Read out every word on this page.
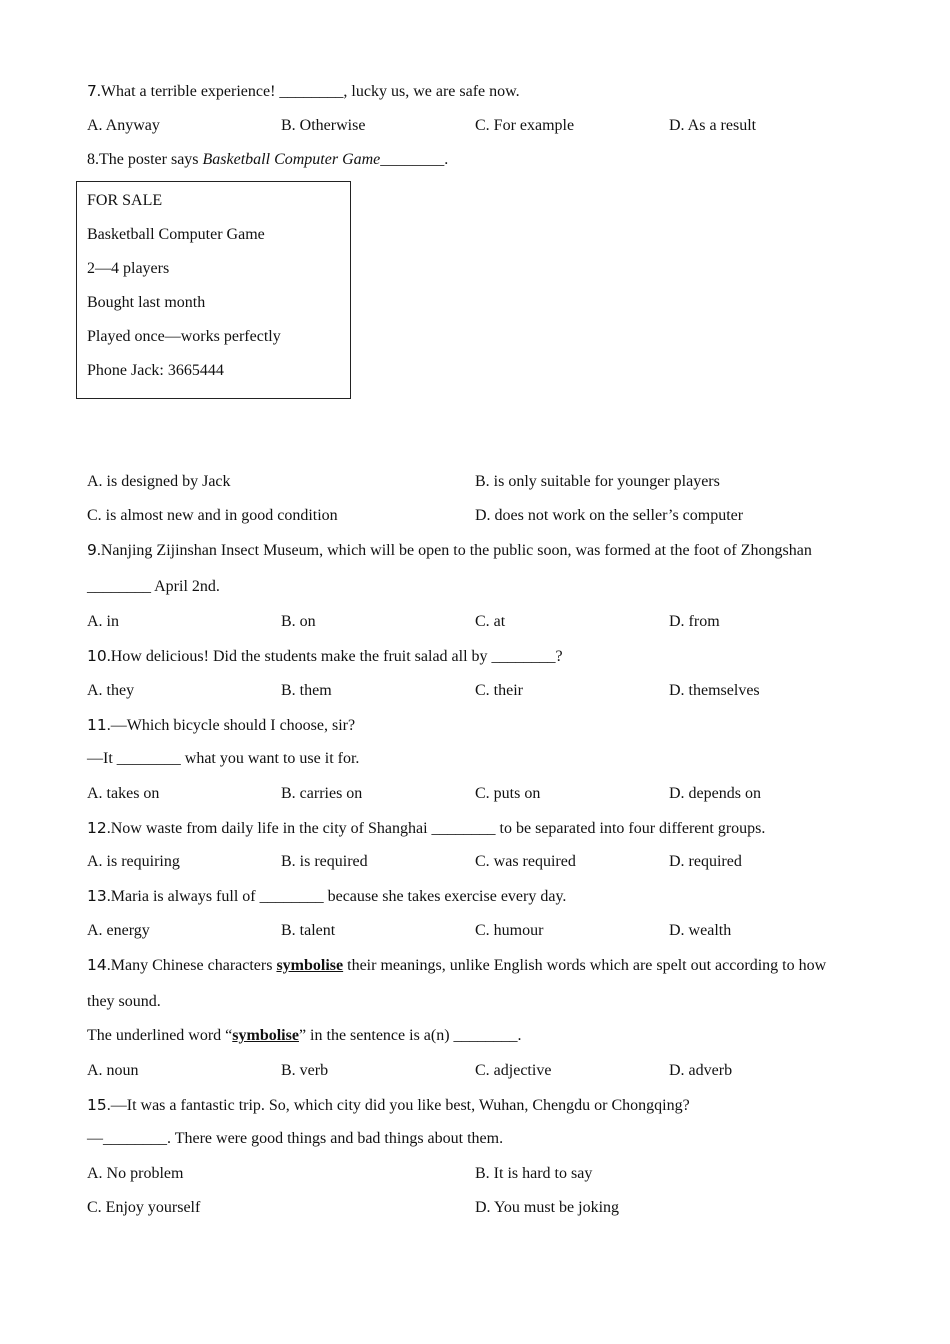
7.What a terrible experience! ________, lucky us, we are safe now.
A. Anyway	B. Otherwise	C. For example	D. As a result
8.The poster says Basketball Computer Game________.
FOR SALE
Basketball Computer Game
2—4 players
Bought last month
Played once—works perfectly
Phone Jack: 3665444
A. is designed by Jack	B. is only suitable for younger players
C. is almost new and in good condition	D. does not work on the seller’s computer
9.Nanjing Zijinshan Insect Museum, which will be open to the public soon, was formed at the foot of Zhongshan
________ April 2nd.
A. in	B. on	C. at	D. from
10.How delicious! Did the students make the fruit salad all by ________?
A. they	B. them	C. their	D. themselves
11.—Which bicycle should I choose, sir?
—It ________ what you want to use it for.
A. takes on	B. carries on	C. puts on	D. depends on
12.Now waste from daily life in the city of Shanghai ________ to be separated into four different groups.
A. is requiring	B. is required	C. was required	D. required
13.Maria is always full of ________ because she takes exercise every day.
A. energy	B. talent	C. humour	D. wealth
14.Many Chinese characters symbolise their meanings, unlike English words which are spelt out according to how
they sound.
The underlined word “symbolise” in the sentence is a(n) ________.
A. noun	B. verb	C. adjective	D. adverb
15.—It was a fantastic trip. So, which city did you like best, Wuhan, Chengdu or Chongqing?
—________. There were good things and bad things about them.
A. No problem	B. It is hard to say
C. Enjoy yourself	D. You must be joking
